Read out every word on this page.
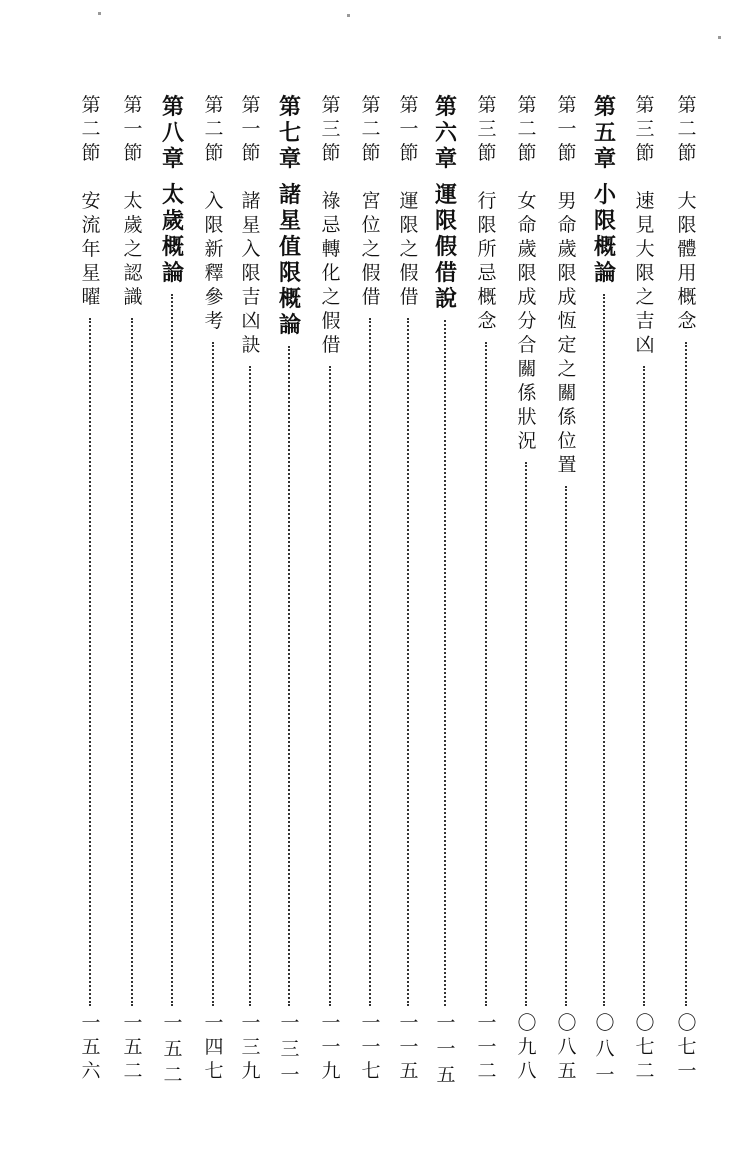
第
二
節
大
限
體
用
概
念
〇
七
一
第
三
節
速
見
大
限
之
吉
凶
〇
七
二
第
五
章
小
限
概
論
〇
八
一
第
一
節
男
命
歲
限
成
恆
定
之
關
係
位
置
〇
八
五
第
二
節
女
命
歲
限
成
分
合
關
係
狀
況
〇
九
八
第
三
節
行
限
所
忌
概
念
一
一
二
第
六
章
運
限
假
借
說
一
一
五
第
一
節
運
限
之
假
借
一
一
五
第
二
節
宮
位
之
假
借
一
一
七
第
三
節
祿
忌
轉
化
之
假
借
一
一
九
第
七
章
諸
星
值
限
概
論
一
三
一
第
一
節
諸
星
入
限
吉
凶
訣
一
三
九
第
二
節
入
限
新
釋
參
考
一
四
七
第
八
章
太
歲
概
論
一
五
二
第
一
節
太
歲
之
認
識
一
五
二
第
二
節
安
流
年
星
曜
一
五
六
